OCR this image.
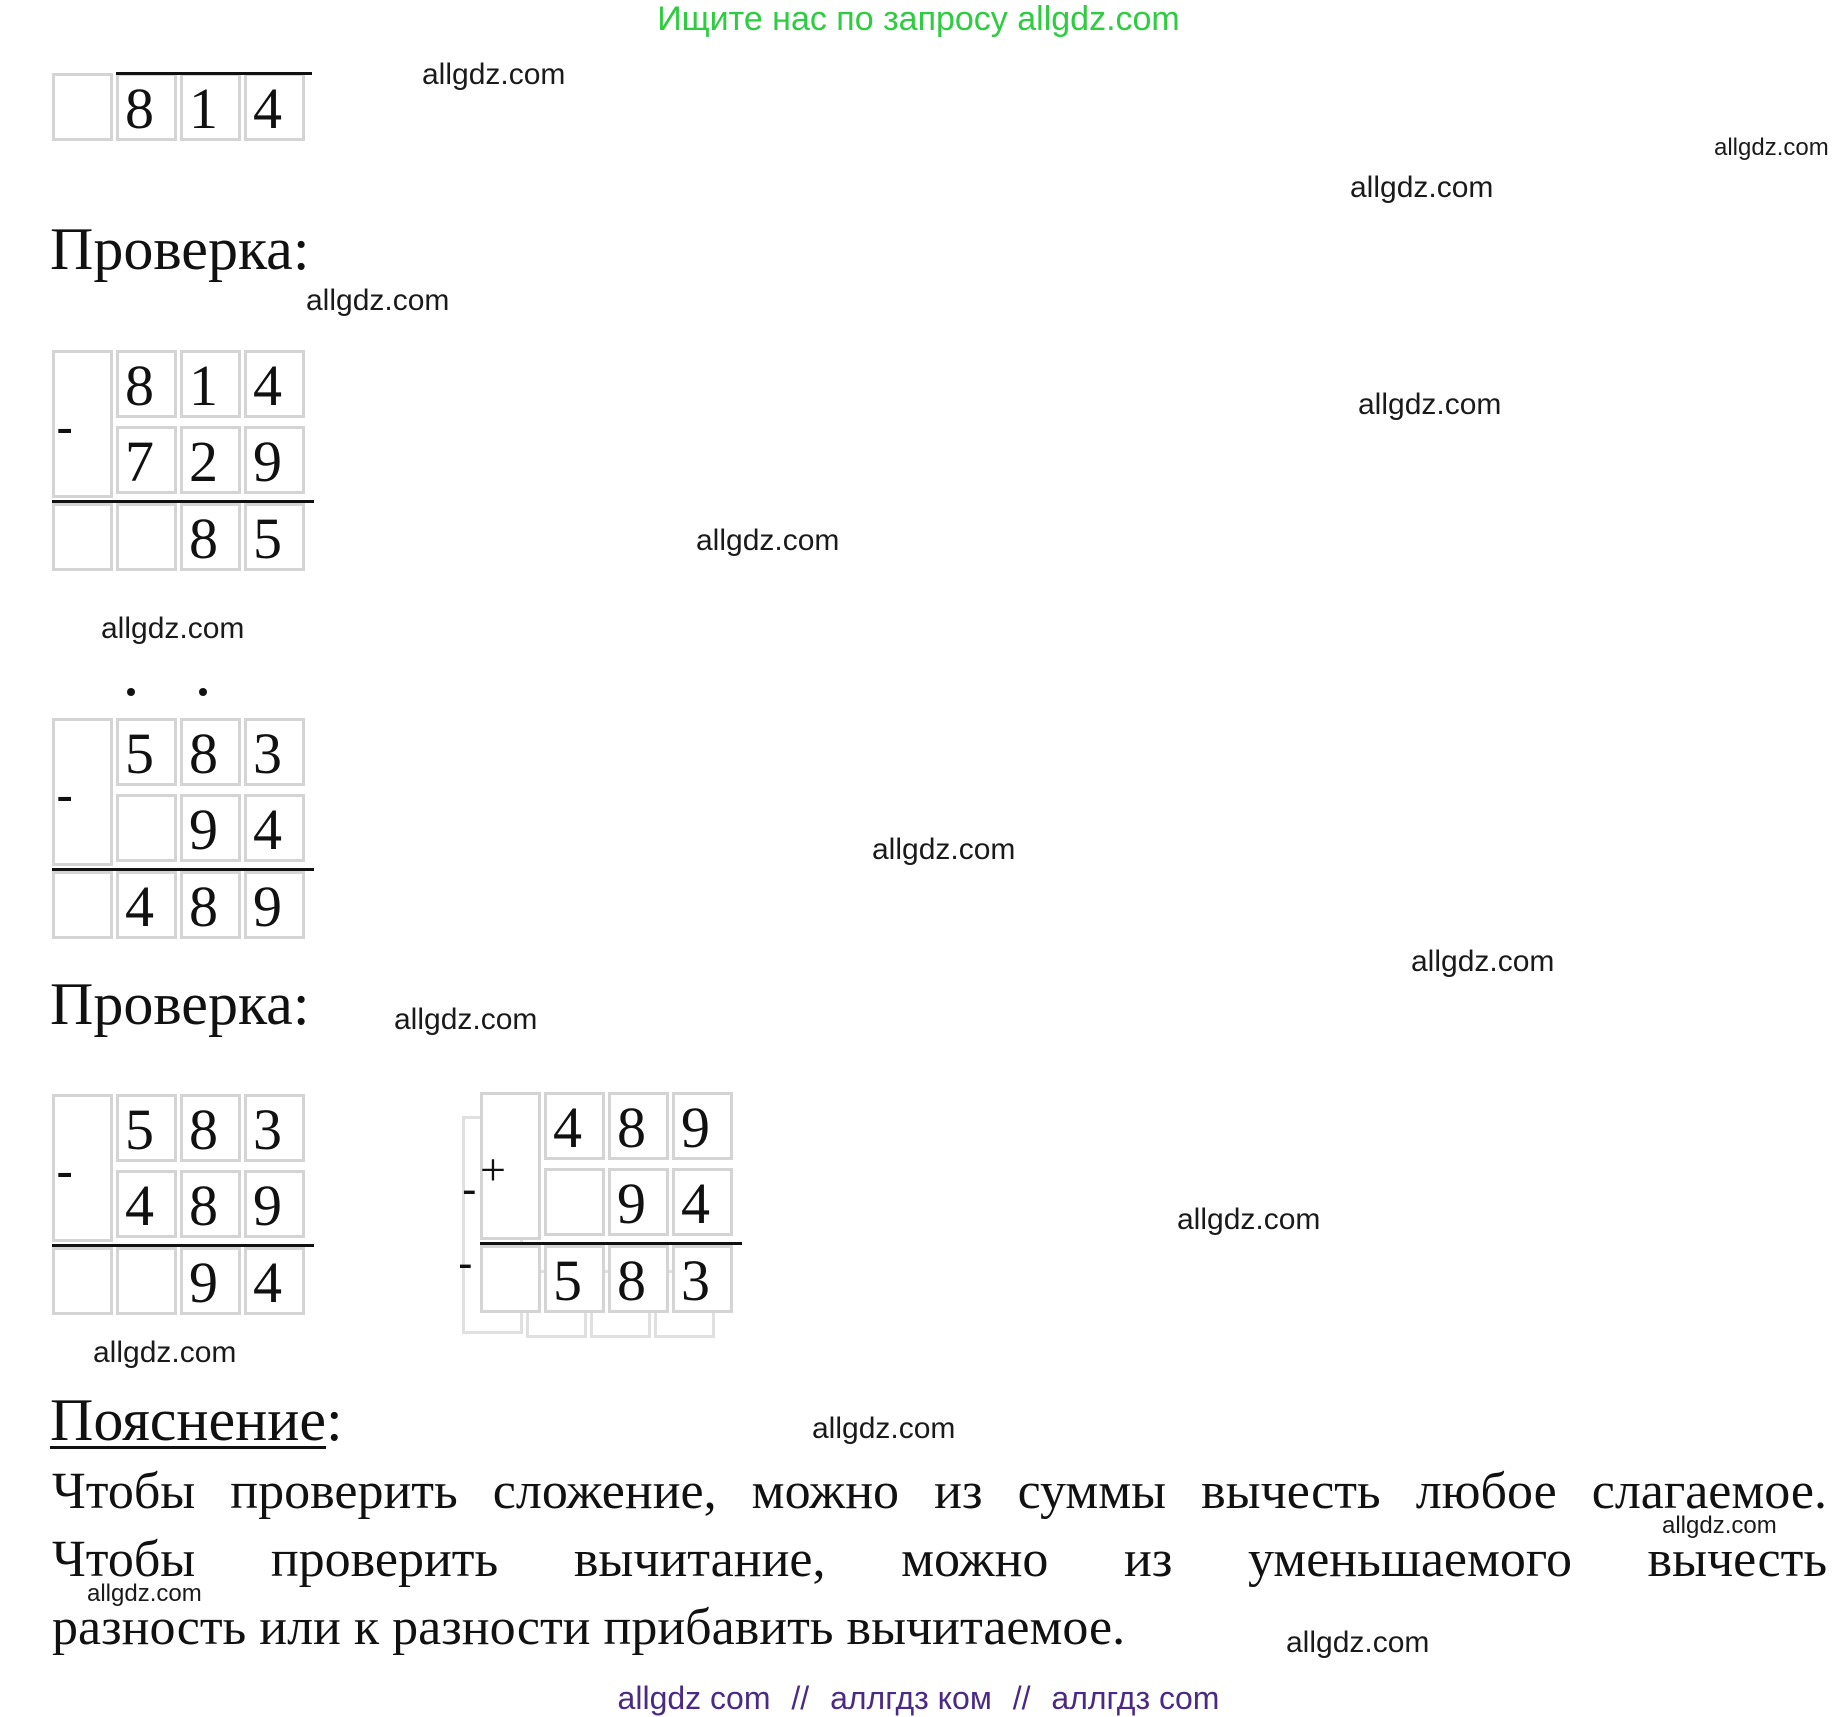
Ищите нас по запросу allgdz.com
8 1 4
Проверка:
-
8 1 4
7 2 9
8 5
-
5 8 3
9 4
4 8 9
Проверка:
-
5 8 3
4 8 9
9 4
-
-
+
4 8 9
9 4
5 8 3
Пояснение:
Чтобы проверить сложение, можно из суммы вычесть любое слагаемое.
Чтобы проверить вычитание, можно из уменьшаемого вычесть
разность или к разности прибавить вычитаемое.
allgdz.com
allgdz.com
allgdz.com
allgdz.com
allgdz.com
allgdz.com
allgdz.com
allgdz.com
allgdz.com
allgdz.com
allgdz.com
allgdz.com
allgdz.com
allgdz.com
allgdz.com
allgdz.com
allgdz com // аллгдз ком // аллгдз com
